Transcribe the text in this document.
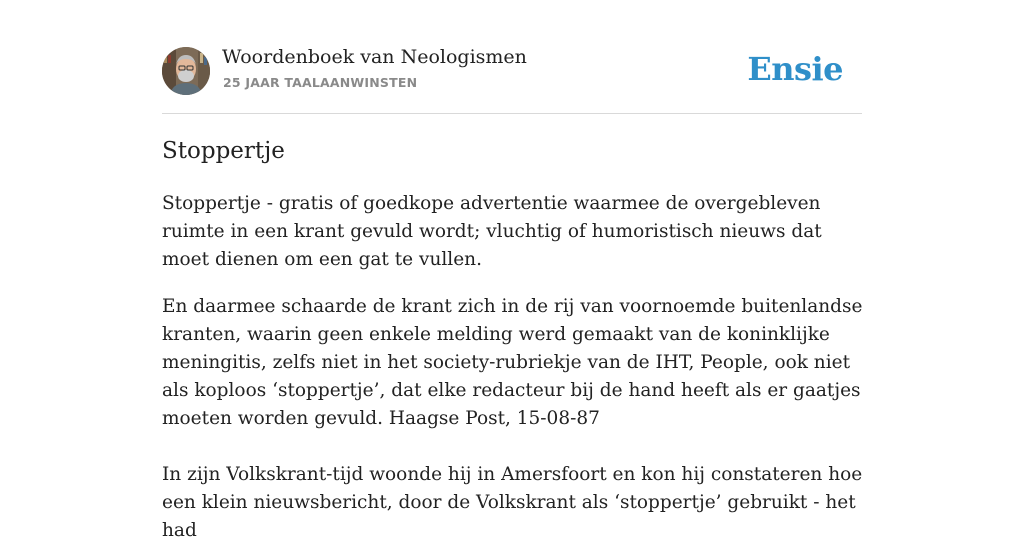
Woordenboek van Neologismen
25 JAAR TAALAANWINSTEN	Ensie
Stoppertje

Stoppertje - gratis of goedkope advertentie waarmee de overgebleven ruimte in een krant gevuld wordt; vluchtig of humoristisch nieuws dat moet dienen om een gat te vullen.

En daarmee schaarde de krant zich in de rij van voornoemde buitenlandse kranten, waarin geen enkele melding werd gemaakt van de koninklijke meningitis, zelfs niet in het society-rubriekje van de IHT, People, ook niet als koploos ‘stoppertje’, dat elke redacteur bij de hand heeft als er gaatjes moeten worden gevuld. Haagse Post, 15-08-87

In zijn Volkskrant-tijd woonde hij in Amersfoort en kon hij constateren hoe een klein nieuwsbericht, door de Volkskrant als ‘stoppertje’ gebruikt - het had
